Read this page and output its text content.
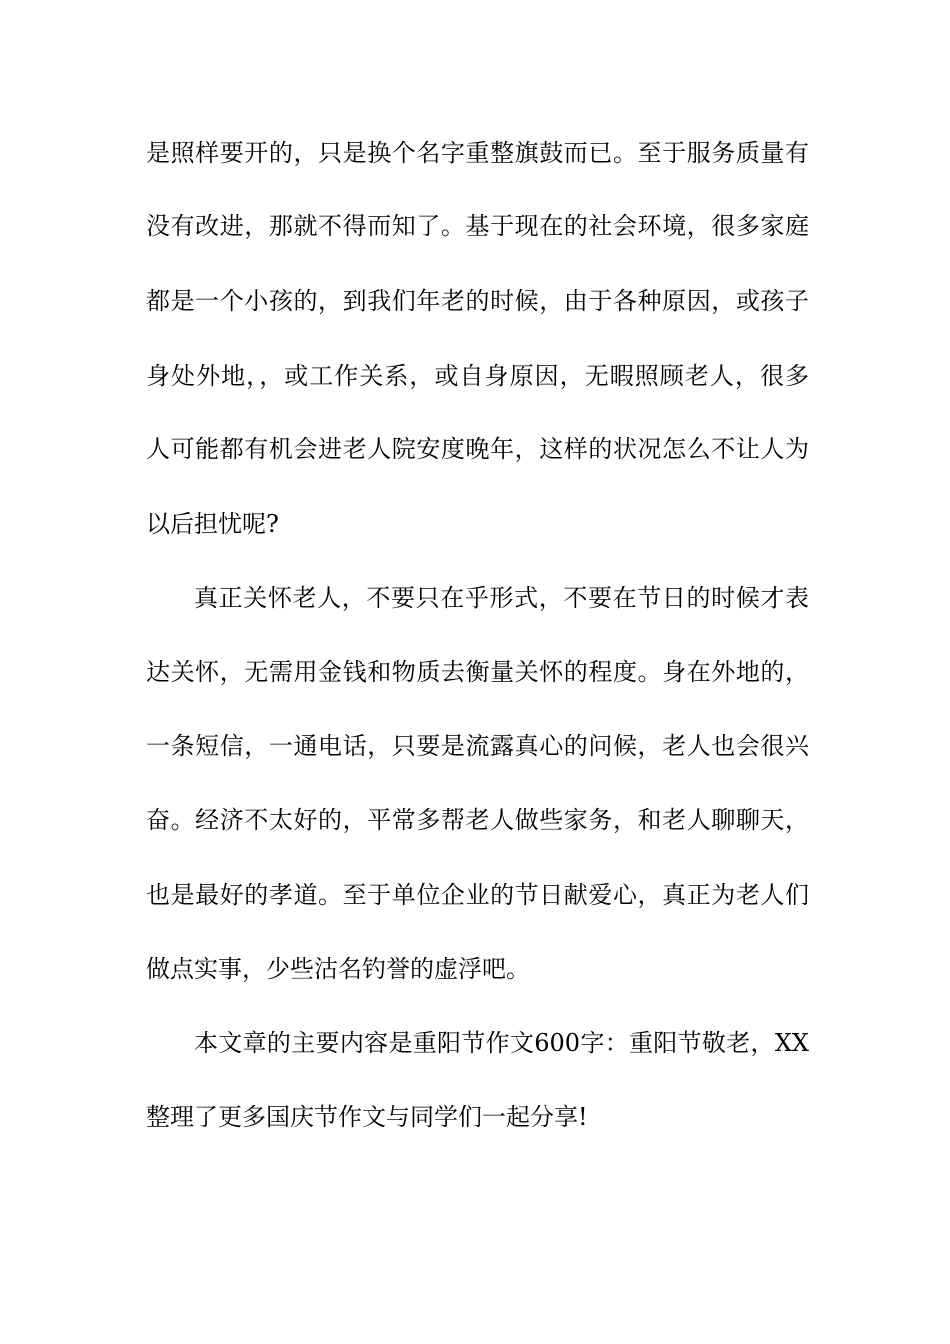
是照样要开的，只是换个名字重整旗鼓而已。至于服务质量有
没有改进，那就不得而知了。基于现在的社会环境，很多家庭
都是一个小孩的，到我们年老的时候，由于各种原因，或孩子
身处外地，，或工作关系，或自身原因，无暇照顾老人，很多
人可能都有机会进老人院安度晚年，这样的状况怎么不让人为
以后担忧呢?
真正关怀老人，不要只在乎形式，不要在节日的时候才表
达关怀，无需用金钱和物质去衡量关怀的程度。身在外地的，
一条短信，一通电话，只要是流露真心的问候，老人也会很兴
奋。经济不太好的，平常多帮老人做些家务，和老人聊聊天，
也是最好的孝道。至于单位企业的节日献爱心，真正为老人们
做点实事，少些沽名钓誉的虚浮吧。
本文章的主要内容是重阳节作文600字：重阳节敬老，XX
整理了更多国庆节作文与同学们一起分享!
